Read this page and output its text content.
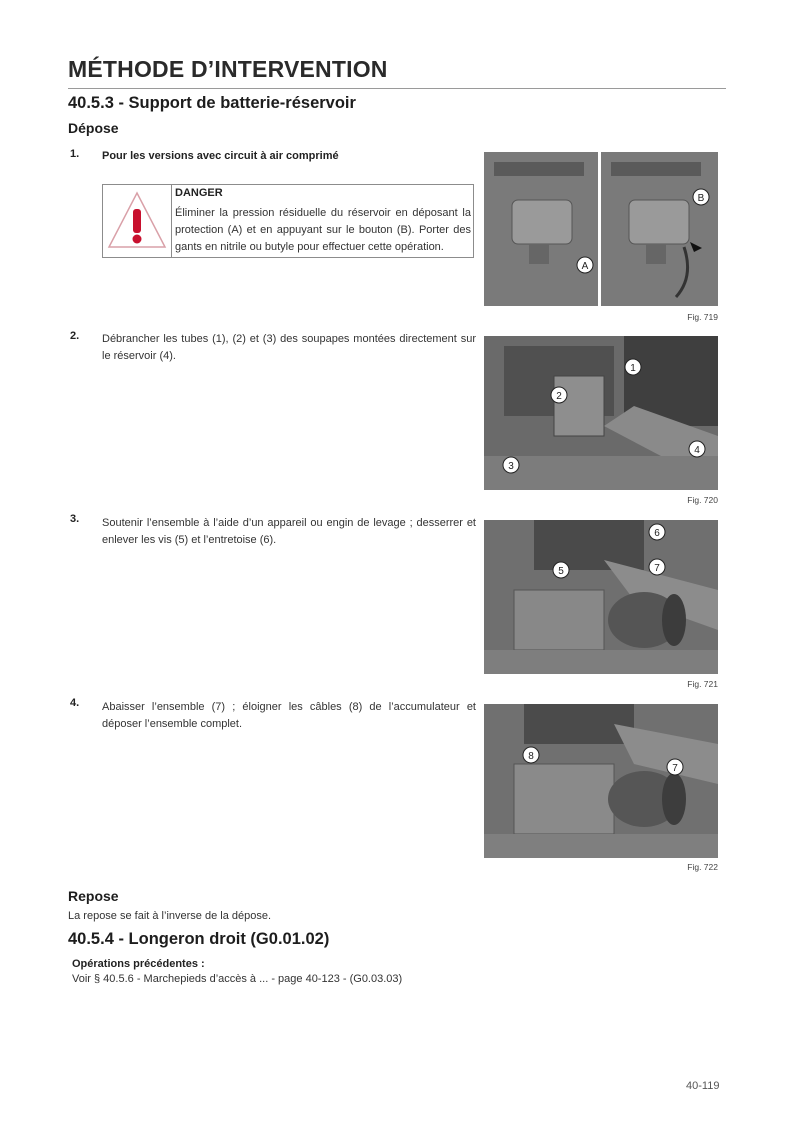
MÉTHODE D’INTERVENTION
40.5.3 - Support de batterie-réservoir
Dépose
1. Pour les versions avec circuit à air comprimé
DANGER
Éliminer la pression résiduelle du réservoir en déposant la protection (A) et en appuyant sur le bouton (B). Porter des gants en nitrile ou butyle pour effectuer cette opération.
A
B
Fig. 719
2. Débrancher les tubes (1), (2) et (3) des soupapes montées directement sur le réservoir (4).
1
2
3
4
Fig. 720
3. Soutenir l’ensemble à l’aide d’un appareil ou engin de levage ; desserrer et enlever les vis (5) et l’entretoise (6).
5
6
7
Fig. 721
4. Abaisser l’ensemble (7) ; éloigner les câbles (8) de l’accumulateur et déposer l’ensemble complet.
8
7
Fig. 722
Repose
La repose se fait à l’inverse de la dépose.
40.5.4 - Longeron droit (G0.01.02)
Opérations précédentes :
Voir § 40.5.6 - Marchepieds d’accès à ... - page 40-123 - (G0.03.03)
40-119
